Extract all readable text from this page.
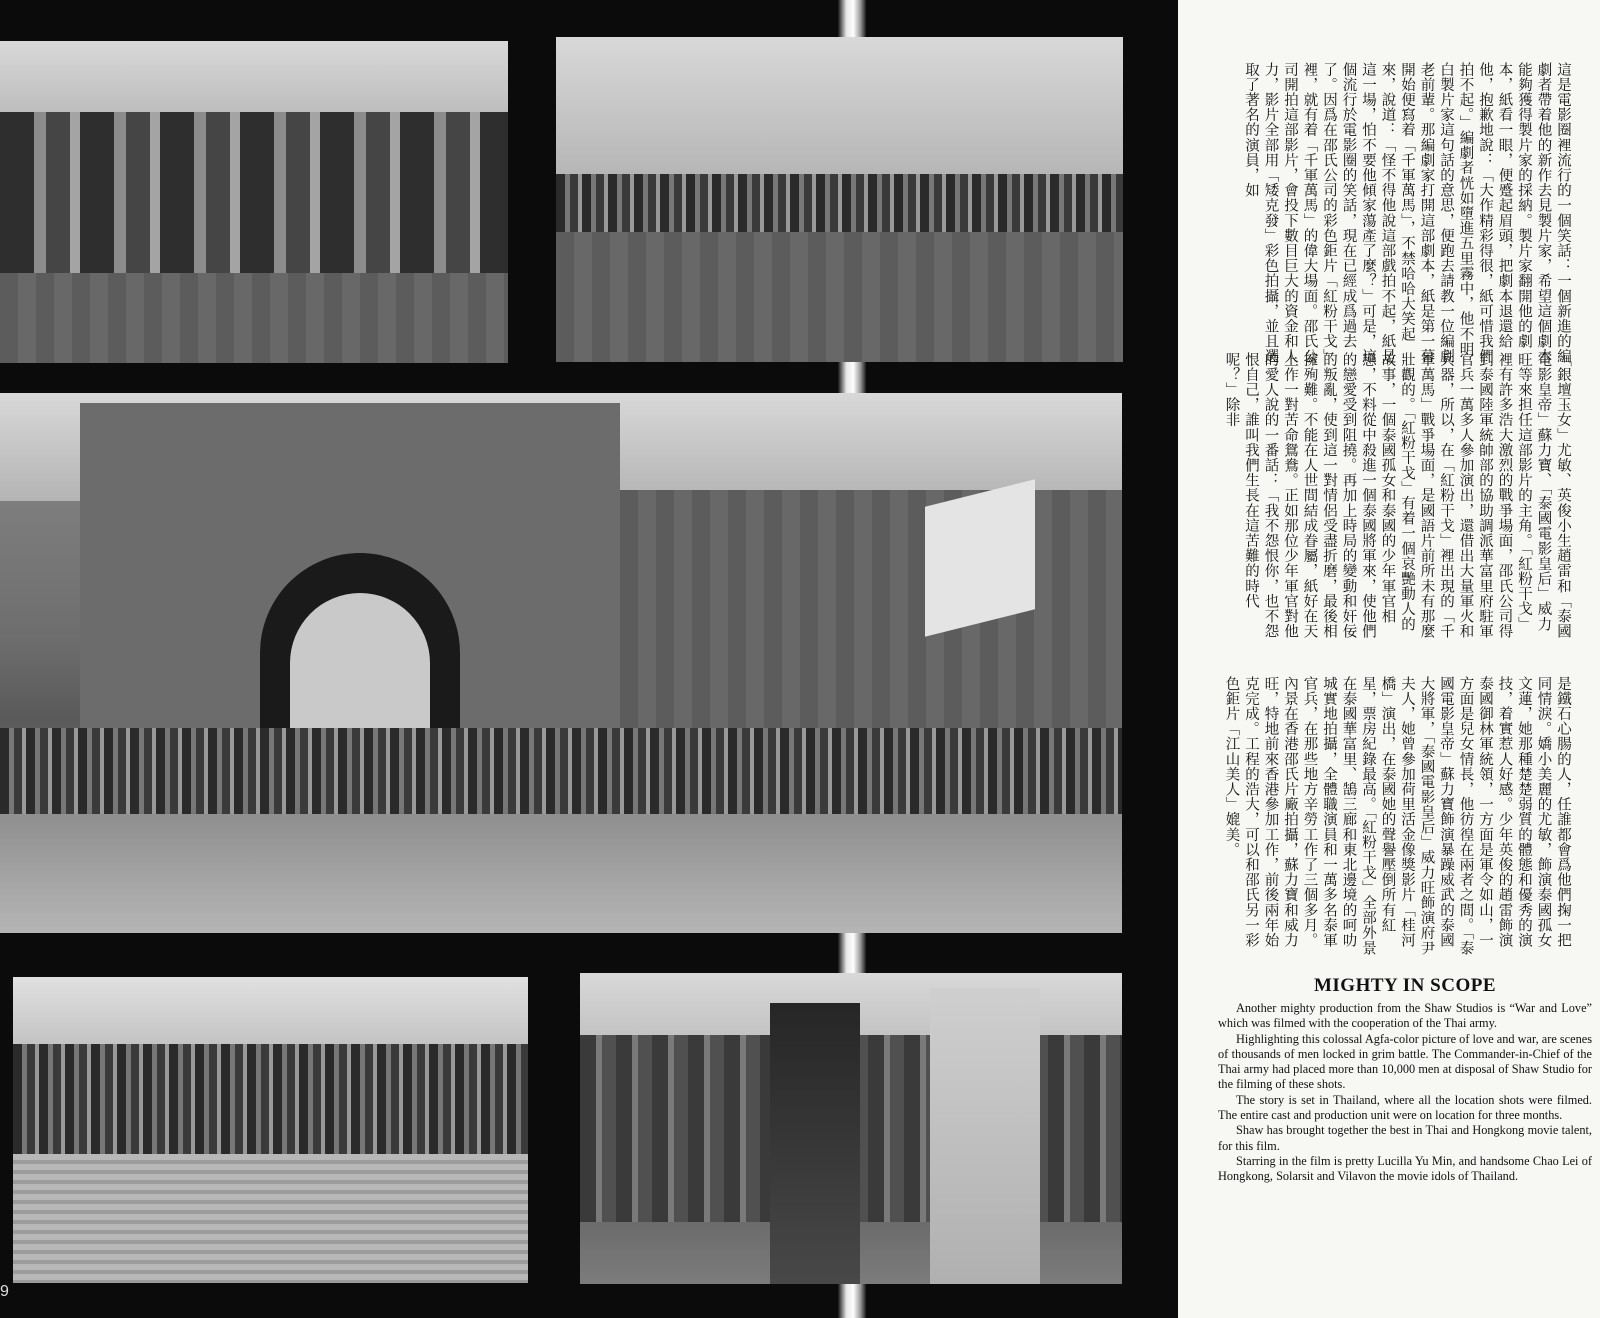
這是電影圈裡流行的一個笑話：一個新進的編劇者帶着他的新作去見製片家，希望這個劇本能夠獲得製片家的採納。製片家翻開他的劇本，紙看一眼，便蹙起眉頭，把劇本退還給他，抱歉地說：「大作精彩得很，紙可惜我們拍不起。」編劇者恍如墮進五里霧中，他不明白製片家這句話的意思，便跑去請教一位編劇老前輩。那編劇家打開這部劇本，紙是第一幕開始便寫着「千軍萬馬」，不禁哈哈大笑起來，說道：「怪不得他說這部戲拍不起，紙是這一場，怕不要他傾家蕩產了麼？」可是，這個流行於電影圈的笑話，現在已經成爲過去了。因爲在邵氏公司的彩色鉅片「紅粉干戈」裡，就有着「千軍萬馬」的偉大場面。邵氏公司開拍這部影片，會投下數目巨大的資金和人力，影片全部用「矮克發」彩色拍攝，並且選取了著名的演員，如
「銀壇玉女」尤敏、英俊小生趙雷和「泰國電影皇帝」蘇力寶、「泰國電影皇后」威力旺等來担任這部影片的主角。「紅粉干戈」裡有許多浩大激烈的戰爭場面，邵氏公司得到泰國陸軍統帥部的協助調派華富里府駐軍官兵一萬多人參加演出，還借出大量軍火和兵器，所以，在「紅粉干戈」裡出現的「千軍萬馬」戰爭場面，是國語片前所未有那麼壯觀的。「紅粉干戈」有着一個哀艷動人的故事，一個泰國孤女和泰國的少年軍官相戀，不料從中殺進一個泰國將軍來，使他們的戀愛受到阻撓。再加上時局的變動和奸佞的叛亂，使到這一對情侶受盡折磨，最後相擁殉難。不能在人世間結成眷屬，紙好在天上作一對苦命鴛鴦。正如那位少年軍官對他的愛人說的一番話：「我不怨恨你，也不怨恨自己，誰叫我們生長在這苦難的時代呢？」除非
是鐵石心腸的人，任誰都會爲他們掬一把同情淚。嬌小美麗的尤敏，飾演泰國孤女文蓮，她那種楚楚弱質的體態和優秀的演技，着實惹人好感。少年英俊的趙雷飾演泰國御林軍統領，一方面是軍令如山，一方面是兒女情長，他彷徨在兩者之間。「泰國電影皇帝」蘇力寶飾演暴躁威武的泰國大將軍，「泰國電影皇后」威力旺飾演府尹夫人，她曾參加荷里活金像獎影片「桂河橋」演出，在泰國她的聲譽壓倒所有紅星，票房紀錄最高。「紅粉干戈」全部外景在泰國華富里、鵠三廊和東北邊境的呵叻城實地拍攝，全體職演員和一萬多名泰軍官兵，在那些地方辛勞工作了三個多月。內景在香港邵氏片廠拍攝，蘇力寶和威力旺，特地前來香港參加工作，前後兩年始克完成。工程的浩大，可以和邵氏另一彩色鉅片「江山美人」媲美。
MIGHTY IN SCOPE

Another mighty production from the Shaw Studios is “War and Love” which was filmed with the cooperation of the Thai army.

Highlighting this colossal Agfa-color picture of love and war, are scenes of thousands of men locked in grim battle. The Commander-in-Chief of the Thai army had placed more than 10,000 men at disposal of Shaw Studio for the filming of these shots.

The story is set in Thailand, where all the location shots were filmed. The entire cast and production unit were on location for three months.

Shaw has brought together the best in Thai and Hongkong movie talent, for this film.

Starring in the film is pretty Lucilla Yu Min, and handsome Chao Lei of Hongkong, Solarsit and Vilavon the movie idols of Thailand.

9
